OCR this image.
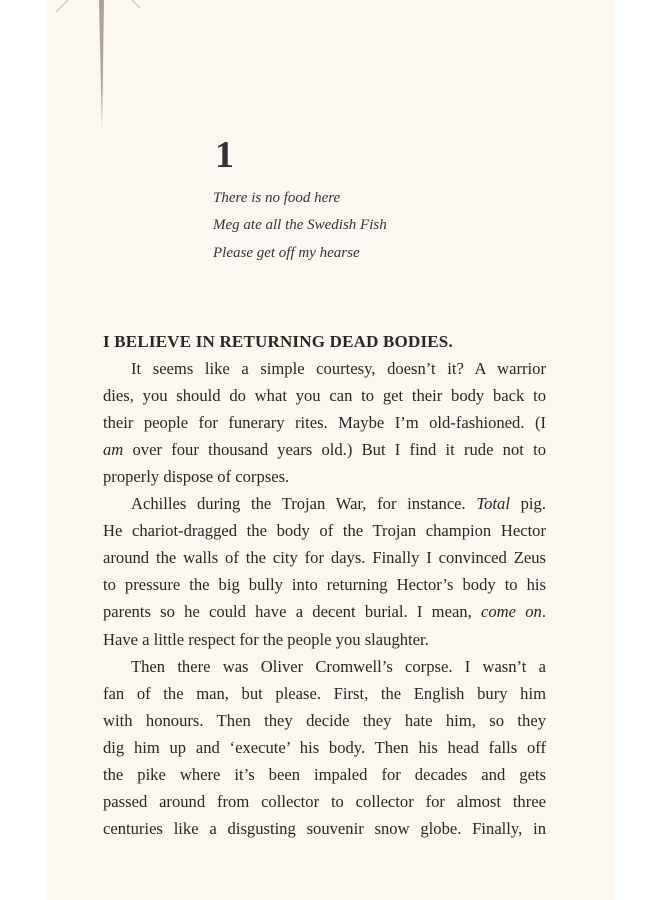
1
There is no food here
Meg ate all the Swedish Fish
Please get off my hearse
I BELIEVE IN RETURNING DEAD BODIES.
It seems like a simple courtesy, doesn’t it? A warrior
dies, you should do what you can to get their body back to
their people for funerary rites. Maybe I’m old-fashioned. (I
am over four thousand years old.) But I find it rude not to
properly dispose of corpses.
Achilles during the Trojan War, for instance. Total pig.
He chariot-dragged the body of the Trojan champion Hector
around the walls of the city for days. Finally I convinced Zeus
to pressure the big bully into returning Hector’s body to his
parents so he could have a decent burial. I mean, come on.
Have a little respect for the people you slaughter.
Then there was Oliver Cromwell’s corpse. I wasn’t a
fan of the man, but please. First, the English bury him
with honours. Then they decide they hate him, so they
dig him up and ‘execute’ his body. Then his head falls off
the pike where it’s been impaled for decades and gets
passed around from collector to collector for almost three
centuries like a disgusting souvenir snow globe. Finally, in
